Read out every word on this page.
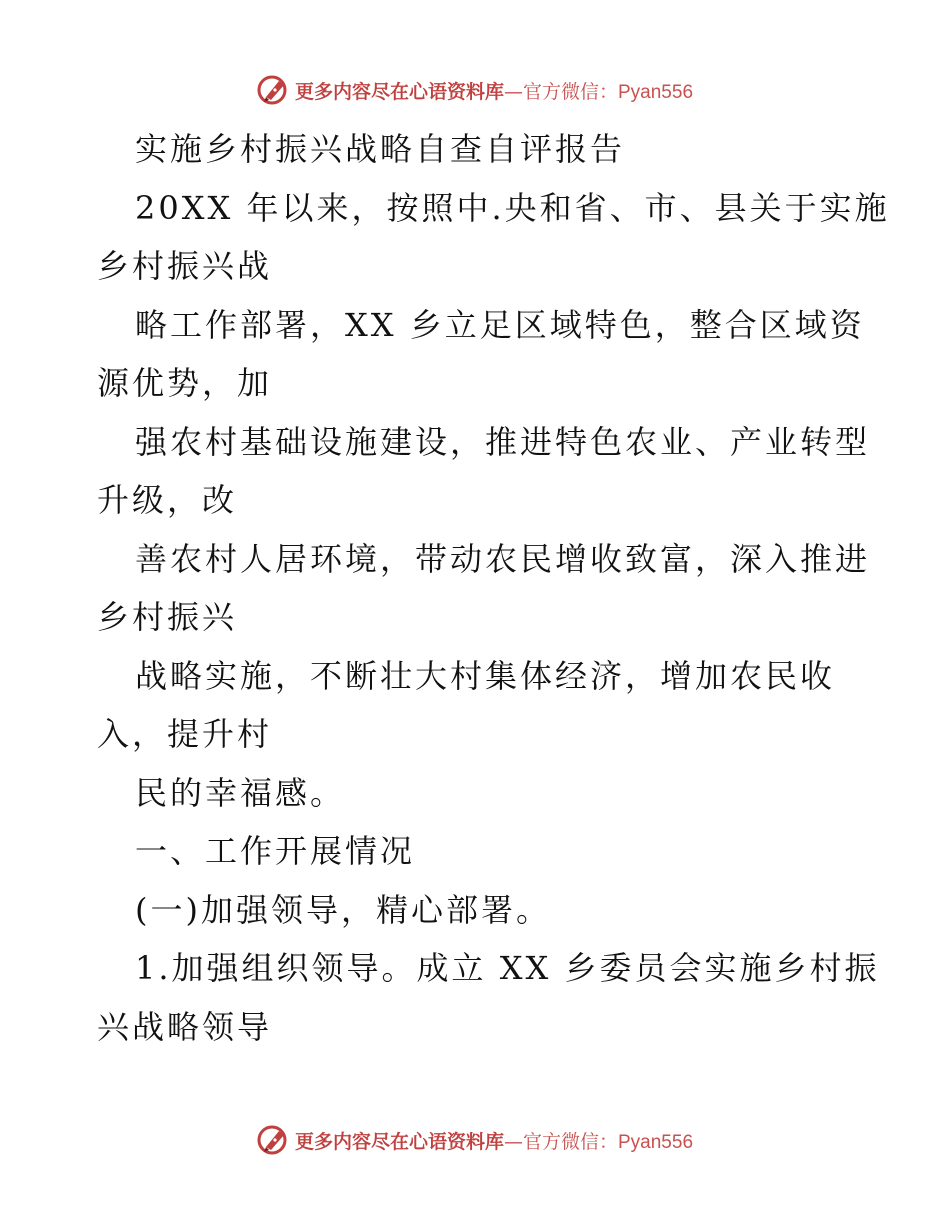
更多内容尽在心语资料库—官方微信：Pyan556
实施乡村振兴战略自查自评报告
20XX 年以来，按照中.央和省、市、县关于实施
乡村振兴战
略工作部署，XX 乡立足区域特色，整合区域资
源优势，加
强农村基础设施建设，推进特色农业、产业转型
升级，改
善农村人居环境，带动农民增收致富，深入推进
乡村振兴
战略实施，不断壮大村集体经济，增加农民收
入，提升村
民的幸福感。
一、工作开展情况
(一)加强领导，精心部署。
1.加强组织领导。成立 XX 乡委员会实施乡村振
兴战略领导
更多内容尽在心语资料库—官方微信：Pyan556
